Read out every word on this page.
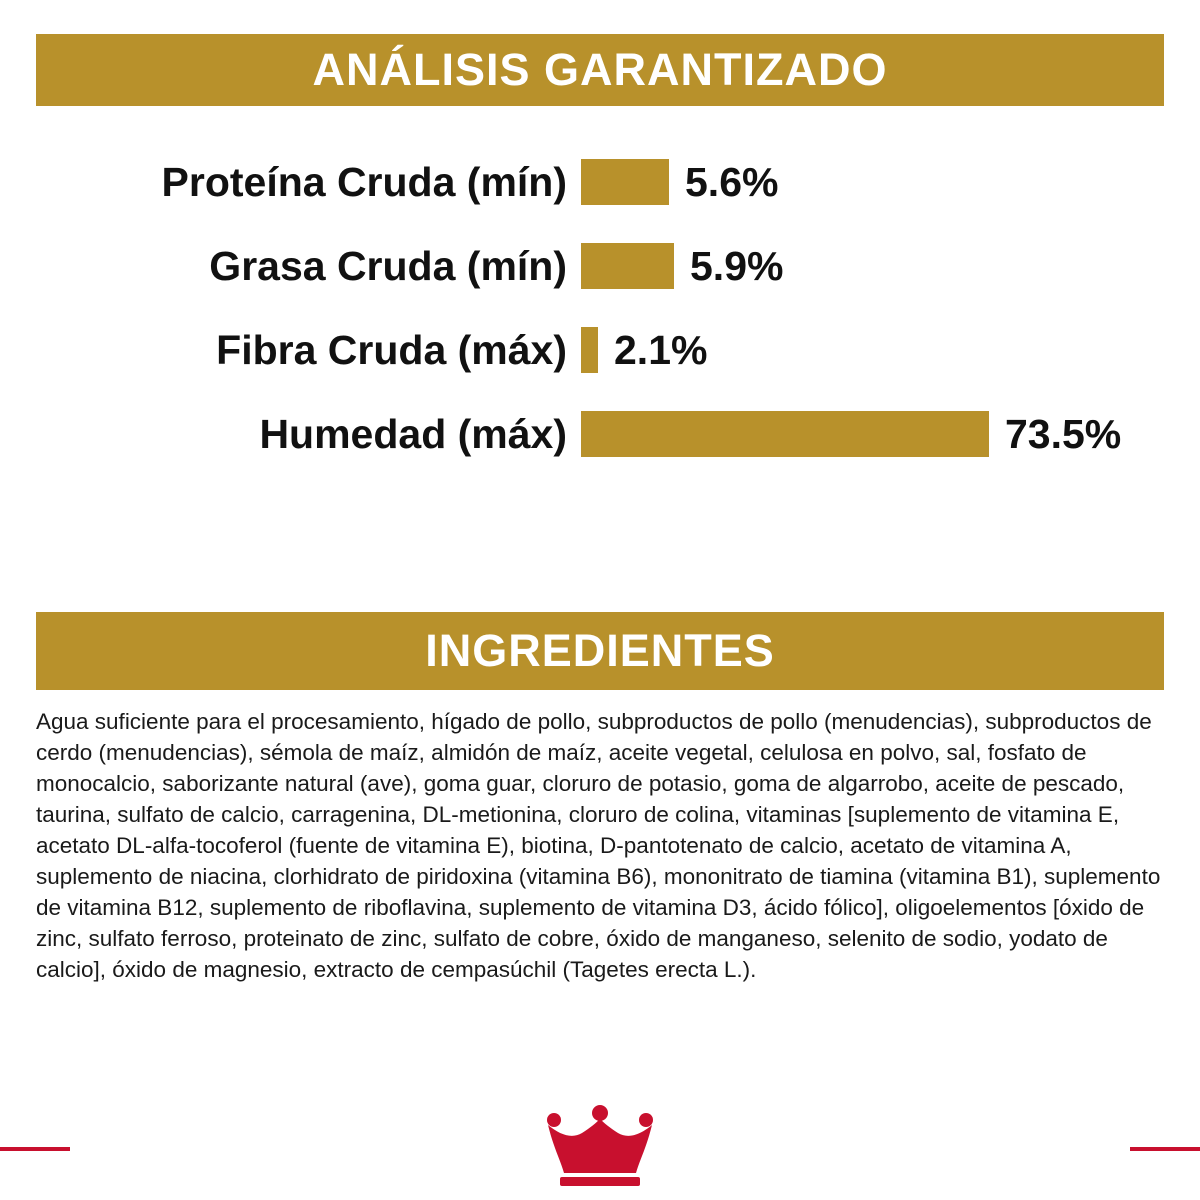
ANÁLISIS GARANTIZADO
Proteína Cruda (mín)	5.6%
Grasa Cruda (mín)	5.9%
Fibra Cruda (máx)	2.1%
Humedad (máx)	73.5%
INGREDIENTES
Agua suficiente para el procesamiento, hígado de pollo, subproductos de pollo (menudencias), subproductos de cerdo (menudencias), sémola de maíz, almidón de maíz, aceite vegetal, celulosa en polvo, sal, fosfato de monocalcio, saborizante natural (ave), goma guar, cloruro de potasio, goma de algarrobo, aceite de pescado, taurina, sulfato de calcio, carragenina, DL-metionina, cloruro de colina, vitaminas [suplemento de vitamina E, acetato DL-alfa-tocoferol (fuente de vitamina E), biotina, D-pantotenato de calcio, acetato de vitamina A, suplemento de niacina, clorhidrato de piridoxina (vitamina B6), mononitrato de tiamina (vitamina B1), suplemento de vitamina B12, suplemento de riboflavina, suplemento de vitamina D3, ácido fólico], oligoelementos [óxido de zinc, sulfato ferroso, proteinato de zinc, sulfato de cobre, óxido de manganeso, selenito de sodio, yodato de calcio], óxido de magnesio, extracto de cempasúchil (Tagetes erecta L.).
